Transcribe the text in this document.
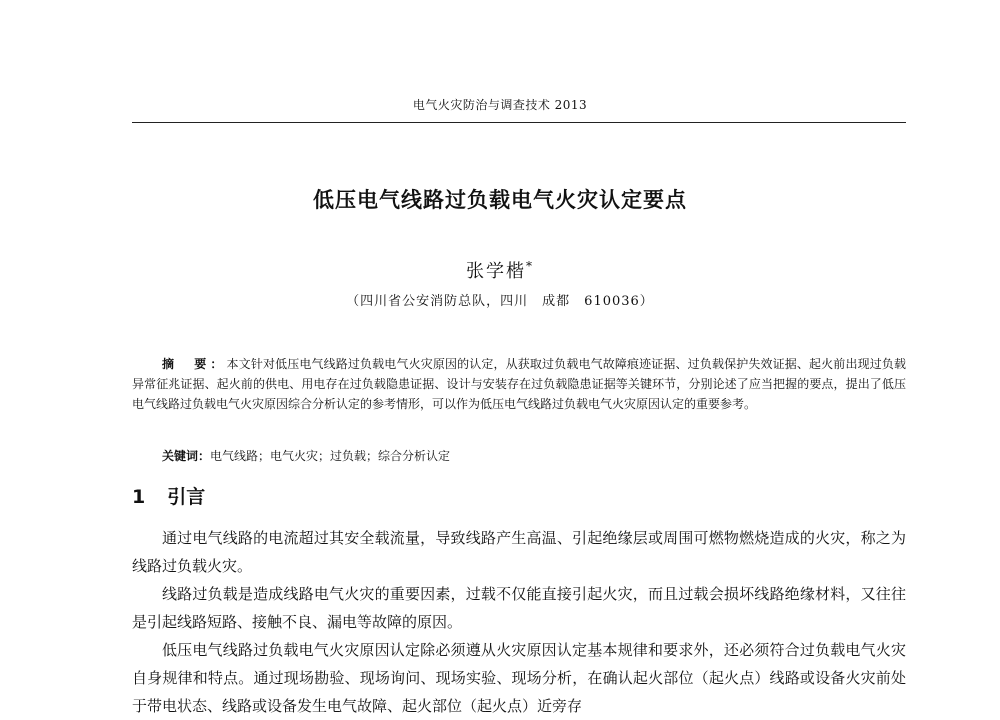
电气火灾防治与调查技术 2013
低压电气线路过负载电气火灾认定要点
张学楷*
（四川省公安消防总队，四川　成都　610036）
摘　要：本文针对低压电气线路过负载电气火灾原因的认定，从获取过负载电气故障痕迹证据、过负载保护失效证据、起火前出现过负载异常征兆证据、起火前的供电、用电存在过负载隐患证据、设计与安装存在过负载隐患证据等关键环节，分别论述了应当把握的要点，提出了低压电气线路过负载电气火灾原因综合分析认定的参考情形，可以作为低压电气线路过负载电气火灾原因认定的重要参考。
关键词：电气线路；电气火灾；过负载；综合分析认定
1 引言

通过电气线路的电流超过其安全载流量，导致线路产生高温、引起绝缘层或周围可燃物燃烧造成的火灾，称之为线路过负载火灾。

线路过负载是造成线路电气火灾的重要因素，过载不仅能直接引起火灾，而且过载会损坏线路绝缘材料，又往往是引起线路短路、接触不良、漏电等故障的原因。

低压电气线路过负载电气火灾原因认定除必须遵从火灾原因认定基本规律和要求外，还必须符合过负载电气火灾自身规律和特点。通过现场勘验、现场询问、现场实验、现场分析，在确认起火部位（起火点）线路或设备火灾前处于带电状态、线路或设备发生电气故障、起火部位（起火点）近旁存
